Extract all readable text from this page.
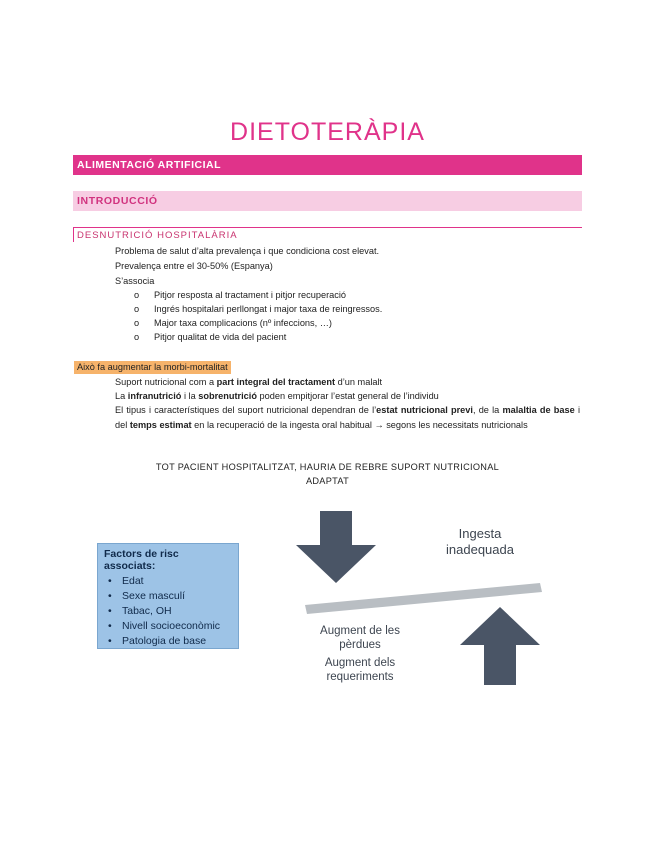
DIETOTERÀPIA
ALIMENTACIÓ ARTIFICIAL
INTRODUCCIÓ
DESNUTRICIÓ HOSPITALÀRIA
Problema de salut d’alta prevalença i que condiciona cost elevat.
Prevalença entre el 30-50% (Espanya)
S’associa
o Pitjor resposta al tractament i pitjor recuperació
o Ingrés hospitalari perllongat i major taxa de reingressos.
o Major taxa complicacions (nº infeccions, …)
o Pitjor qualitat de vida del pacient
Això fa augmentar la morbi-mortalitat
Suport nutricional com a part integral del tractament d’un malalt
La infranutrició i la sobrenutrició poden empitjorar l’estat general de l’individu
El tipus i característiques del suport nutricional dependran de l’estat nutricional previ, de la malaltia de base i del temps estimat en la recuperació de la ingesta oral habitual → segons les necessitats nutricionals
TOT PACIENT HOSPITALITZAT, HAURIA DE REBRE SUPORT NUTRICIONAL
ADAPTAT
Factors de risc associats:
• Edat
• Sexe masculí
• Tabac, OH
• Nivell socioeconòmic
• Patologia de base
Ingesta
inadequada
Augment de les
pèrdues
Augment dels
requeriments
